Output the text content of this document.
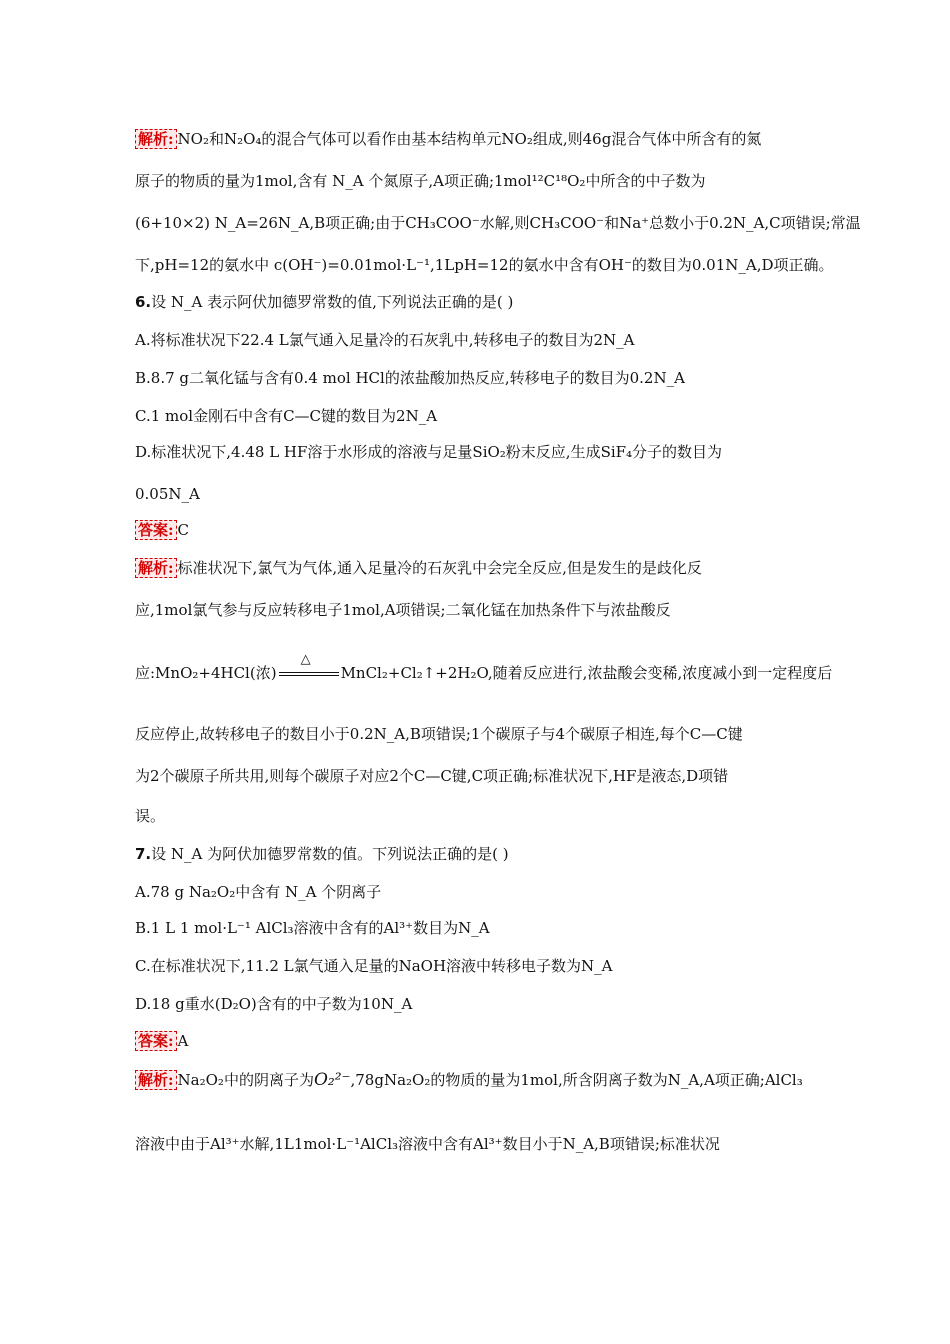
解析: NO₂和N₂O₄的混合气体可以看作由基本结构单元NO₂组成,则46g混合气体中所含有的氮
原子的物质的量为1mol,含有 N_A 个氮原子,A项正确;1mol¹²C¹⁸O₂中所含的中子数为
(6+10×2) N_A=26N_A,B项正确;由于CH₃COO⁻水解,则CH₃COO⁻和Na⁺总数小于0.2N_A,C项错误;常温
下,pH=12的氨水中 c(OH⁻)=0.01mol·L⁻¹,1LpH=12的氨水中含有OH⁻的数目为0.01N_A,D项正确。
6.设 N_A 表示阿伏加德罗常数的值,下列说法正确的是( )
A.将标准状况下22.4 L氯气通入足量冷的石灰乳中,转移电子的数目为2N_A
B.8.7 g二氧化锰与含有0.4 mol HCl的浓盐酸加热反应,转移电子的数目为0.2N_A
C.1 mol金刚石中含有C—C键的数目为2N_A
D.标准状况下,4.48 L HF溶于水形成的溶液与足量SiO₂粉末反应,生成SiF₄分子的数目为
0.05N_A
答案: C
解析: 标准状况下,氯气为气体,通入足量冷的石灰乳中会完全反应,但是发生的是歧化反
应,1mol氯气参与反应转移电子1mol,A项错误;二氧化锰在加热条件下与浓盐酸反
应:MnO₂+4HCl(浓)
△
MnCl₂+Cl₂↑+2H₂O,随着反应进行,浓盐酸会变稀,浓度减小到一定程度后
反应停止,故转移电子的数目小于0.2N_A,B项错误;1个碳原子与4个碳原子相连,每个C—C键
为2个碳原子所共用,则每个碳原子对应2个C—C键,C项正确;标准状况下,HF是液态,D项错
误。
7.设 N_A 为阿伏加德罗常数的值。下列说法正确的是( )
A.78 g Na₂O₂中含有 N_A 个阴离子
B.1 L 1 mol·L⁻¹ AlCl₃溶液中含有的Al³⁺数目为N_A
C.在标准状况下,11.2 L氯气通入足量的NaOH溶液中转移电子数为N_A
D.18 g重水(D₂O)含有的中子数为10N_A
答案: A
解析: Na₂O₂中的阴离子为O₂²⁻,78gNa₂O₂的物质的量为1mol,所含阴离子数为N_A,A项正确;AlCl₃
溶液中由于Al³⁺水解,1L1mol·L⁻¹AlCl₃溶液中含有Al³⁺数目小于N_A,B项错误;标准状况
